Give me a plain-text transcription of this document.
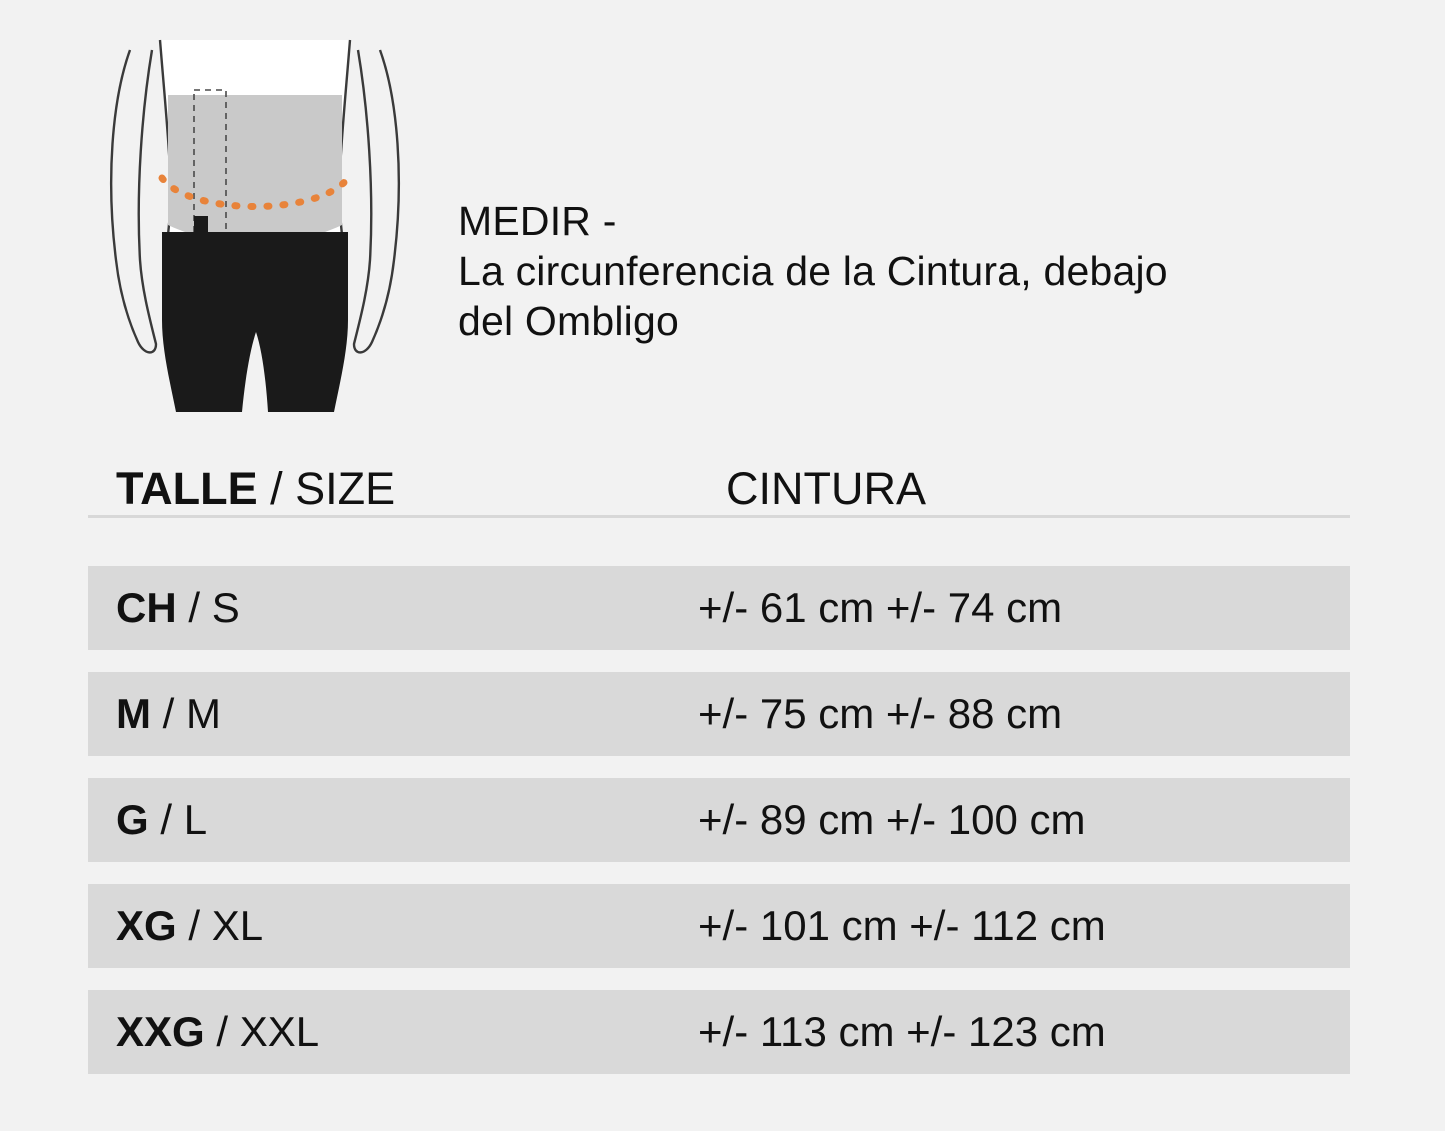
MEDIR -
La circunferencia de la Cintura, debajo
del Ombligo
TALLE / SIZE	CINTURA
CH / S	+/- 61 cm +/- 74 cm
M / M	+/- 75 cm +/- 88 cm
G / L	+/- 89 cm +/- 100 cm
XG / XL	+/- 101 cm +/- 112 cm
XXG / XXL	+/- 113 cm +/- 123 cm
